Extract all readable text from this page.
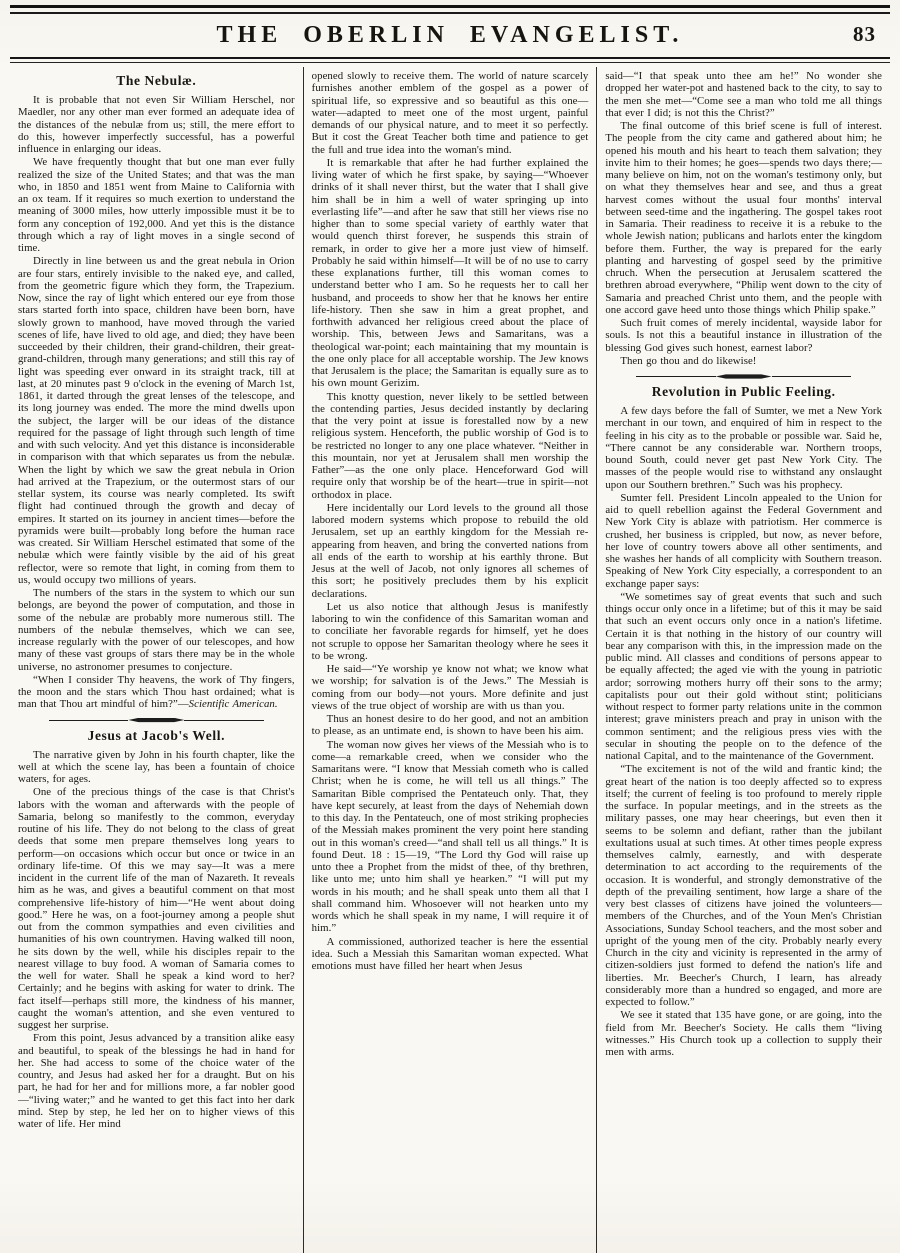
THE OBERLIN EVANGELIST.	83
The Nebulæ.

It is probable that not even Sir William Herschel, nor Maedler, nor any other man ever formed an adequate idea of the distances of the nebulæ from us; still, the mere effort to do this, however imperfectly successful, has a powerful influence in enlarging our ideas.

We have frequently thought that but one man ever fully realized the size of the United States; and that was the man who, in 1850 and 1851 went from Maine to California with an ox team. If it requires so much exertion to understand the meaning of 3000 miles, how utterly impossible must it be to form any conception of 192,000. And yet this is the distance through which a ray of light moves in a single second of time.

Directly in line between us and the great nebula in Orion are four stars, entirely invisible to the naked eye, and called, from the geometric figure which they form, the Trapezium. Now, since the ray of light which entered our eye from those stars started forth into space, children have been born, have slowly grown to manhood, have moved through the varied scenes of life, have lived to old age, and died; they have been succeeded by their children, their grand-children, their great-grand-children, through many generations; and still this ray of light was speeding ever onward in its straight track, till at last, at 20 minutes past 9 o'clock in the evening of March 1st, 1861, it darted through the great lenses of the telescope, and its long journey was ended. The more the mind dwells upon the subject, the larger will be our ideas of the distance required for the passage of light through such length of time and with such velocity. And yet this distance is inconsiderable in comparison with that which separates us from the nebulæ. When the light by which we saw the great nebula in Orion had arrived at the Trapezium, or the outermost stars of our stellar system, its course was nearly completed. Its swift flight had continued through the growth and decay of empires. It started on its journey in ancient times—before the pyramids were built—probably long before the human race was created. Sir William Herschel estimated that some of the nebulæ which were faintly visible by the aid of his great reflector, were so remote that light, in coming from them to us, would occupy two millions of years.

The numbers of the stars in the system to which our sun belongs, are beyond the power of computation, and those in some of the nebulæ are probably more numerous still. The numbers of the nebulæ themselves, which we can see, increase regularly with the power of our telescopes, and how many of these vast groups of stars there may be in the whole universe, no astronomer presumes to conjecture.

“When I consider Thy heavens, the work of Thy fingers, the moon and the stars which Thou hast ordained; what is man that Thou art mindful of him?”—Scientific American.

Jesus at Jacob's Well.

The narrative given by John in his fourth chapter, like the well at which the scene lay, has been a fountain of choice waters, for ages.

One of the precious things of the case is that Christ's labors with the woman and afterwards with the people of Samaria, belong so manifestly to the common, everyday routine of his life. They do not belong to the class of great deeds that some men prepare themselves long years to perform—on occasions which occur but once or twice in an ordinary life-time. Of this we may say—It was a mere incident in the current life of the man of Nazareth. It reveals him as he was, and gives a beautiful comment on that most comprehensive life-history of him—“He went about doing good.” Here he was, on a foot-journey among a people shut out from the common sympathies and even civilities and humanities of his own countrymen. Having walked till noon, he sits down by the well, while his disciples repair to the nearest village to buy food. A woman of Samaria comes to the well for water. Shall he speak a kind word to her? Certainly; and he begins with asking for water to drink. The fact itself—perhaps still more, the kindness of his manner, caught the woman's attention, and she even ventured to suggest her surprise.

From this point, Jesus advanced by a transition alike easy and beautiful, to speak of the blessings he had in hand for her. She had access to some of the choice water of the country, and Jesus had asked her for a draught. But on his part, he had for her and for millions more, a far nobler good—“living water;” and he wanted to get this fact into her dark mind. Step by step, he led her on to higher views of this water of life. Her mind

opened slowly to receive them. The world of nature scarcely furnishes another emblem of the gospel as a power of spiritual life, so expressive and so beautiful as this one—water—adapted to meet one of the most urgent, painful demands of our physical nature, and to meet it so perfectly. But it cost the Great Teacher both time and patience to get the full and true idea into the woman's mind.

It is remarkable that after he had further explained the living water of which he first spake, by saying—“Whoever drinks of it shall never thirst, but the water that I shall give him shall be in him a well of water springing up into everlasting life”—and after he saw that still her views rise no higher than to some special variety of earthly water that would quench thirst forever, he suspends this strain of remark, in order to give her a more just view of himself. Probably he said within himself—It will be of no use to carry these explanations further, till this woman comes to understand better who I am. So he requests her to call her husband, and proceeds to show her that he knows her entire life-history. Then she saw in him a great prophet, and forthwith advanced her religious creed about the place of worship. This, between Jews and Samaritans, was a theological war-point; each maintaining that my mountain is the one only place for all acceptable worship. The Jew knows that Jerusalem is the place; the Samaritan is equally sure as to his own mount Gerizim.

This knotty question, never likely to be settled between the contending parties, Jesus decided instantly by declaring that the very point at issue is forestalled now by a new religious system. Henceforth, the public worship of God is to be restricted no longer to any one place whatever. “Neither in this mountain, nor yet at Jerusalem shall men worship the Father”—as the one only place. Henceforward God will require only that worship be of the heart—true in spirit—not orthodox in place.

Here incidentally our Lord levels to the ground all those labored modern systems which propose to rebuild the old Jerusalem, set up an earthly kingdom for the Messiah re-appearing from heaven, and bring the converted nations from all ends of the earth to worship at his earthly throne. But Jesus at the well of Jacob, not only ignores all schemes of this sort; he positively precludes them by his explicit declarations.

Let us also notice that although Jesus is manifestly laboring to win the confidence of this Samaritan woman and to conciliate her favorable regards for himself, yet he does not scruple to oppose her Samaritan theology where he sees it to be wrong.

He said—“Ye worship ye know not what; we know what we worship; for salvation is of the Jews.” The Messiah is coming from our body—not yours. More definite and just views of the true object of worship are with us than you.

Thus an honest desire to do her good, and not an ambition to please, as an untimate end, is shown to have been his aim.

The woman now gives her views of the Messiah who is to come—a remarkable creed, when we consider who the Samaritans were. “I know that Messiah cometh who is called Christ; when he is come, he will tell us all things.” The Samaritan Bible comprised the Pentateuch only. That, they have kept securely, at least from the days of Nehemiah down to this day. In the Pentateuch, one of most striking prophecies of the Messiah makes prominent the very point here standing out in this woman's creed—“and shall tell us all things.” It is found Deut. 18 : 15—19, “The Lord thy God will raise up unto thee a Prophet from the midst of thee, of thy brethren, like unto me; unto him shall ye hearken.” “I will put my words in his mouth; and he shall speak unto them all that I shall command him. Whosoever will not hearken unto my words which he shall speak in my name, I will require it of him.”

A commissioned, authorized teacher is here the essential idea. Such a Messiah this Samaritan woman expected. What emotions must have filled her heart when Jesus

said—“I that speak unto thee am he!” No wonder she dropped her water-pot and hastened back to the city, to say to the men she met—“Come see a man who told me all things that ever I did; is not this the Christ?”

The final outcome of this brief scene is full of interest. The people from the city came and gathered about him; he opened his mouth and his heart to teach them salvation; they invite him to their homes; he goes—spends two days there;—many believe on him, not on the woman's testimony only, but on what they themselves hear and see, and thus a great harvest comes without the usual four months' interval between seed-time and the ingathering. The gospel takes root in Samaria. Their readiness to receive it is a rebuke to the whole Jewish nation; publicans and harlots enter the kingdom before them. Further, the way is prepared for the early planting and harvesting of gospel seed by the primitive chruch. When the persecution at Jerusalem scattered the brethren abroad everywhere, “Philip went down to the city of Samaria and preached Christ unto them, and the people with one accord gave heed unto those things which Philip spake.”

Such fruit comes of merely incidental, wayside labor for souls. Is not this a beautiful instance in illustration of the blessing God gives such honest, earnest labor?

Then go thou and do likewise!

Revolution in Public Feeling.

A few days before the fall of Sumter, we met a New York merchant in our town, and enquired of him in respect to the feeling in his city as to the probable or possible war. Said he, “There cannot be any considerable war. Northern troops, bound South, could never get past New York City. The masses of the people would rise to withstand any onslaught upon our Southern brethren.” Such was his prophecy.

Sumter fell. President Lincoln appealed to the Union for aid to quell rebellion against the Federal Government and New York City is ablaze with patriotism. Her commerce is crushed, her business is crippled, but now, as never before, her love of country towers above all other sentiments, and she washes her hands of all complicity with Southern treason. Speaking of New York City especially, a correspondent to an exchange paper says:

“We sometimes say of great events that such and such things occur only once in a lifetime; but of this it may be said that such an event occurs only once in a nation's lifetime. Certain it is that nothing in the history of our country will bear any comparison with this, in the impression made on the public mind. All classes and conditions of persons appear to be equally affected; the aged vie with the young in patriotic ardor; sorrowing mothers hurry off their sons to the army; capitalists pour out their gold without stint; politicians without respect to former party relations unite in the common interest; grave ministers preach and pray in unison with the common sentiment; and the religious press vies with the secular in shouting the people on to the defence of the national Capital, and to the maintenance of the Government.

“The excitement is not of the wild and frantic kind; the great heart of the nation is too deeply affected so to express itself; the current of feeling is too profound to merely ripple the surface. In popular meetings, and in the streets as the military passes, one may hear cheerings, but even then it seems to be solemn and defiant, rather than the jubilant exultations usual at such times. At other times people express themselves calmly, earnestly, and with desperate determination to act according to the requirements of the occasion. It is wonderful, and strongly demonstrative of the depth of the prevailing sentiment, how large a share of the very best classes of citizens have joined the volunteers—members of the Churches, and of the Youn Men's Christian Associations, Sunday School teachers, and the most sober and upright of the young men of the city. Probably nearly every Church in the city and vicinity is represented in the army of citizen-soldiers just formed to defend the nation's life and liberties. Mr. Beecher's Church, I learn, has already considerably more than a hundred so engaged, and more are expected to follow.”

We see it stated that 135 have gone, or are going, into the field from Mr. Beecher's Society. He calls them “living witnesses.” His Church took up a collection to supply their men with arms.
